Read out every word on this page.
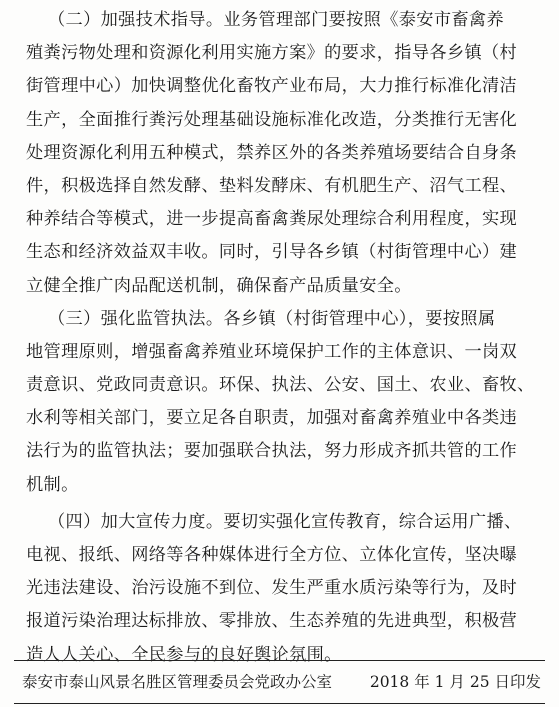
（二）加强技术指导。业务管理部门要按照《泰安市畜禽养
殖粪污物处理和资源化利用实施方案》的要求，指导各乡镇（村
街管理中心）加快调整优化畜牧产业布局，大力推行标准化清洁
生产，全面推行粪污处理基础设施标准化改造，分类推行无害化
处理资源化利用五种模式，禁养区外的各类养殖场要结合自身条
件，积极选择自然发酵、垫料发酵床、有机肥生产、沼气工程、
种养结合等模式，进一步提高畜禽粪尿处理综合利用程度，实现
生态和经济效益双丰收。同时，引导各乡镇（村街管理中心）建
立健全推广肉品配送机制，确保畜产品质量安全。
（三）强化监管执法。各乡镇（村街管理中心），要按照属
地管理原则，增强畜禽养殖业环境保护工作的主体意识、一岗双
责意识、党政同责意识。环保、执法、公安、国土、农业、畜牧、
水利等相关部门，要立足各自职责，加强对畜禽养殖业中各类违
法行为的监管执法；要加强联合执法，努力形成齐抓共管的工作
机制。
（四）加大宣传力度。要切实强化宣传教育，综合运用广播、
电视、报纸、网络等各种媒体进行全方位、立体化宣传，坚决曝
光违法建设、治污设施不到位、发生严重水质污染等行为，及时
报道污染治理达标排放、零排放、生态养殖的先进典型，积极营
造人人关心、全民参与的良好舆论氛围。
泰安市泰山风景名胜区管理委员会党政办公室 2018 年 1 月 25 日印发
